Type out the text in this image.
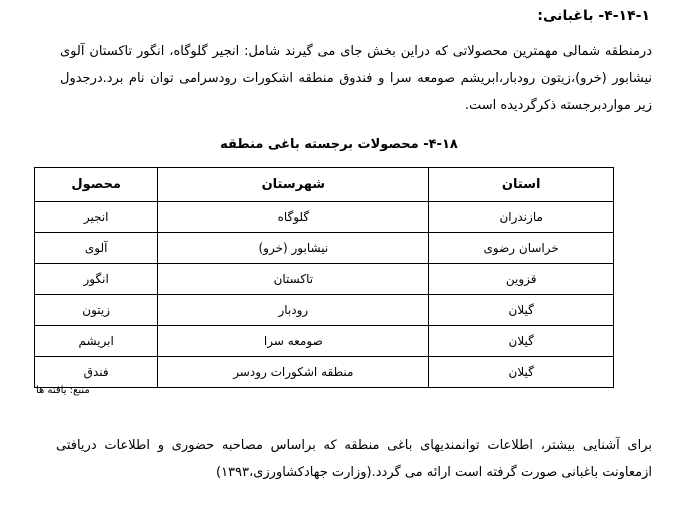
۴-۱۴-۱- باغبانی:
درمنطقه شمالی مهمترین محصولاتی که دراین بخش جای می گیرند شامل: انجیر گلوگاه، انگور تاکستان آلوی نیشابور (خرو)،زیتون رودبار،ابریشم صومعه سرا و فندوق منطقه اشکورات رودسرامی توان نام برد.درجدول زیر مواردبرجسته ذکرگردیده است.
۴-۱۸- محصولات برجسته باغی منطقه
استان	شهرستان	محصول
مازندران	گلوگاه	انجیر
خراسان رضوی	نیشابور (خرو)	آلوی
قزوین	تاکستان	انگور
گیلان	رودبار	زیتون
گیلان	صومعه سرا	ابریشم
گیلان	منطقه اشکورات رودسر	فندق
منبع: یافته ها
برای آشنایی بیشتر، اطلاعات توانمندیهای باغی منطقه که براساس مصاحبه حضوری و اطلاعات دریافتی ازمعاونت باغبانی صورت گرفته است ارائه می گردد.(وزارت جهادکشاورزی،۱۳۹۳)
